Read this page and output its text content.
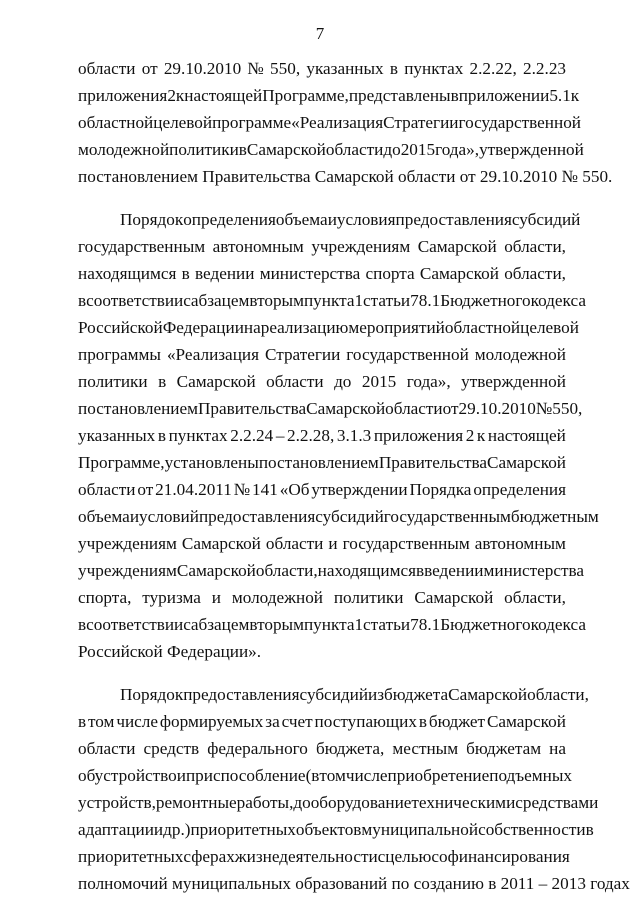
7
области от 29.10.2010 № 550, указанных в пунктах 2.2.22, 2.2.23
приложения 2 к настоящей Программе, представлены в приложении 5.1 к
областной целевой программе «Реализация Стратегии государственной
молодежной политики в Самарской области до 2015 года», утвержденной
постановлением Правительства Самарской области от 29.10.2010 № 550.
Порядок определения объема и условия предоставления субсидий
государственным автономным учреждениям Самарской области,
находящимся в ведении министерства спорта Самарской области,
в соответствии с абзацем вторым пункта 1 статьи 78.1 Бюджетного кодекса
Российской Федерации на реализацию мероприятий областной целевой
программы «Реализация Стратегии государственной молодежной
политики в Самарской области до 2015 года», утвержденной
постановлением Правительства Самарской области от 29.10.2010 № 550,
указанных в пунктах 2.2.24 – 2.2.28, 3.1.3 приложения 2 к настоящей
Программе, установлены постановлением Правительства Самарской
области от 21.04.2011 № 141 «Об утверждении Порядка определения
объема и условий предоставления субсидий государственным бюджетным
учреждениям Самарской области и государственным автономным
учреждениям Самарской области, находящимся в ведении министерства
спорта, туризма и молодежной политики Самарской области,
в соответствии с абзацем вторым пункта 1 статьи 78.1 Бюджетного кодекса
Российской Федерации».
Порядок предоставления субсидий из бюджета Самарской области,
в том числе формируемых за счет поступающих в бюджет Самарской
области средств федерального бюджета, местным бюджетам на
обустройство и приспособление (в том числе приобретение подъемных
устройств, ремонтные работы, дооборудование техническими средствами
адаптации и др.) приоритетных объектов муниципальной собственности в
приоритетных сферах жизнедеятельности с целью софинансирования
полномочий муниципальных образований по созданию в 2011 – 2013 годах
